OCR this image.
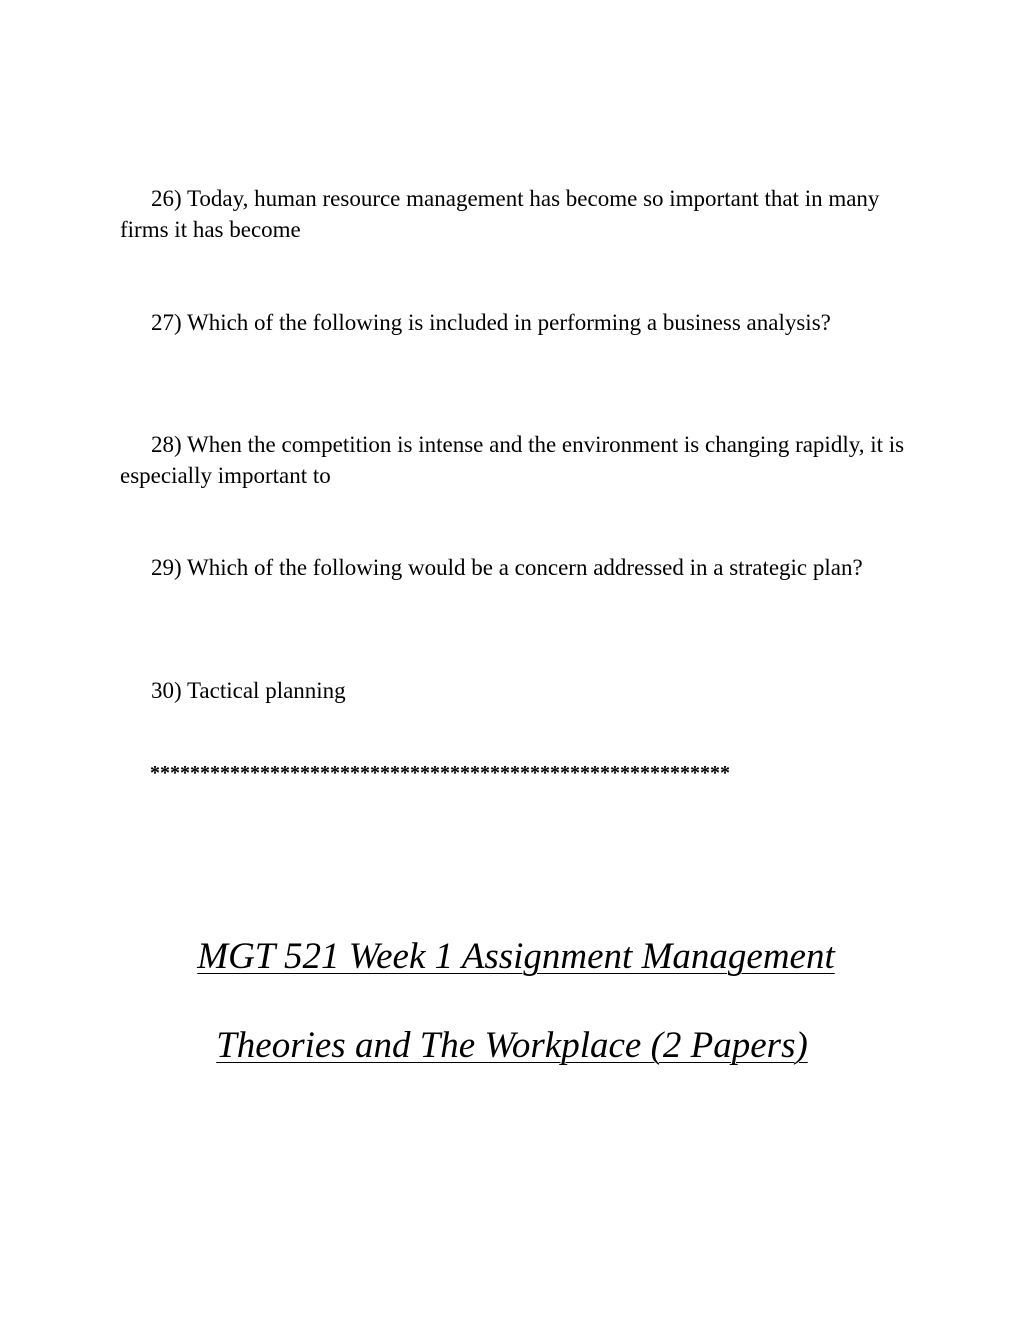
26) Today, human resource management has become so important that in many firms it has become

27) Which of the following is included in performing a business analysis?

28) When the competition is intense and the environment is changing rapidly, it is especially important to

29) Which of the following would be a concern addressed in a strategic plan?

30) Tactical planning

**********************************************************

MGT 521 Week 1 Assignment Management

Theories and The Workplace (2 Papers)
